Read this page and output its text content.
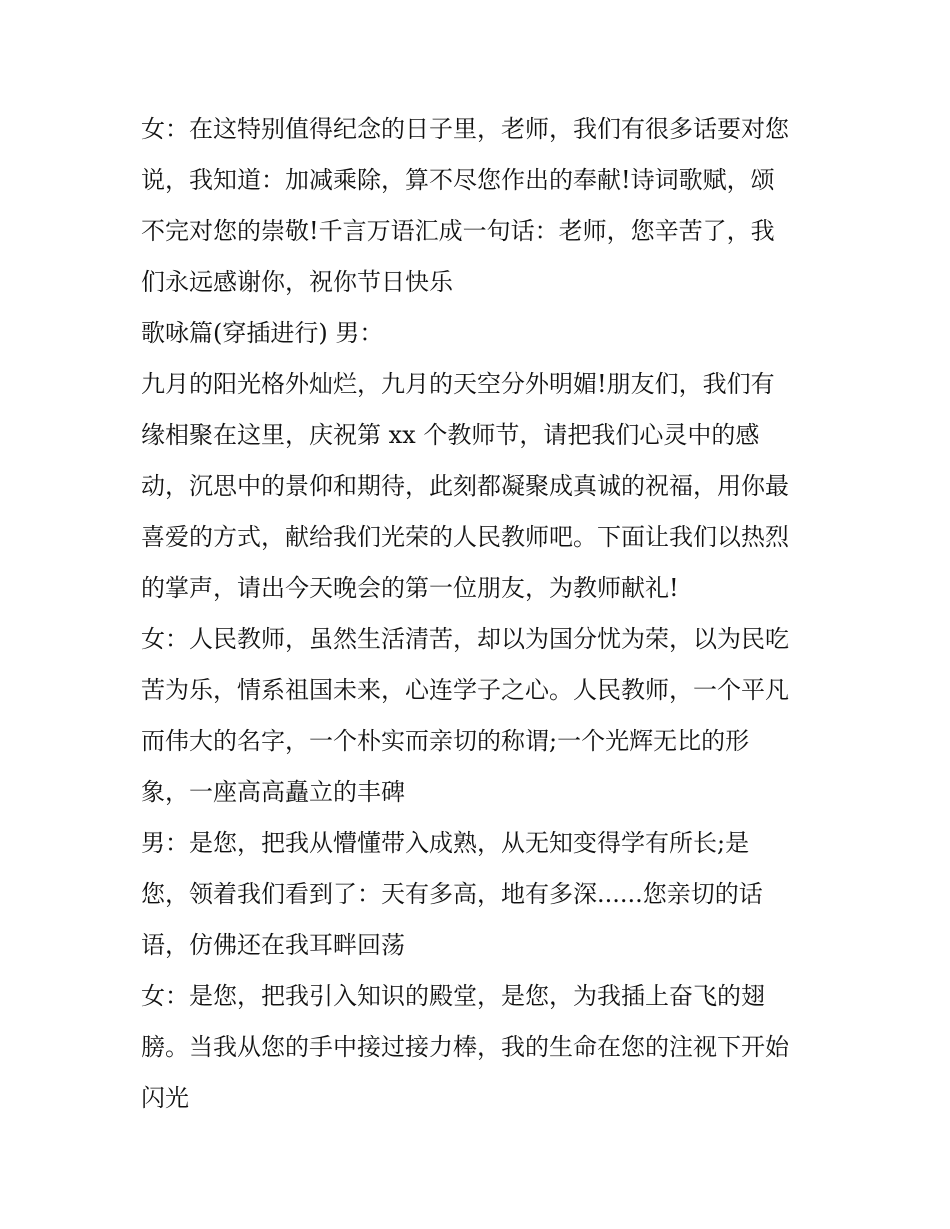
女：在这特别值得纪念的日子里，老师，我们有很多话要对您
说，我知道：加减乘除，算不尽您作出的奉献!诗词歌赋，颂
不完对您的崇敬!千言万语汇成一句话：老师，您辛苦了，我
们永远感谢你，祝你节日快乐
歌咏篇(穿插进行) 男：
九月的阳光格外灿烂，九月的天空分外明媚!朋友们，我们有
缘相聚在这里，庆祝第 xx 个教师节，请把我们心灵中的感
动，沉思中的景仰和期待，此刻都凝聚成真诚的祝福，用你最
喜爱的方式，献给我们光荣的人民教师吧。下面让我们以热烈
的掌声，请出今天晚会的第一位朋友，为教师献礼!
女：人民教师，虽然生活清苦，却以为国分忧为荣，以为民吃
苦为乐，情系祖国未来，心连学子之心。人民教师，一个平凡
而伟大的名字，一个朴实而亲切的称谓;一个光辉无比的形
象，一座高高矗立的丰碑
男：是您，把我从懵懂带入成熟，从无知变得学有所长;是
您，领着我们看到了：天有多高，地有多深......您亲切的话
语，仿佛还在我耳畔回荡
女：是您，把我引入知识的殿堂，是您，为我插上奋飞的翅
膀。当我从您的手中接过接力棒，我的生命在您的注视下开始
闪光
